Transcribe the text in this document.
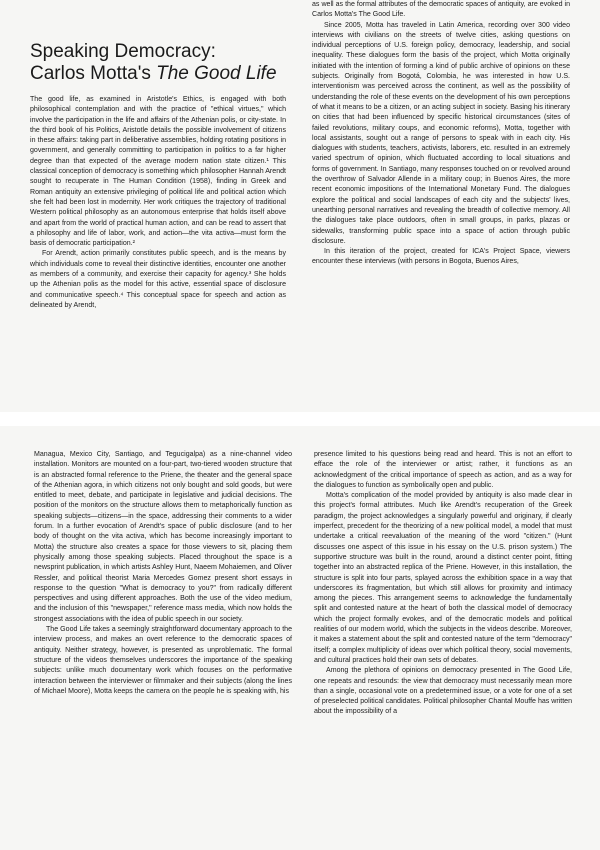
Speaking Democracy:
Carlos Motta's The Good Life

The good life, as examined in Aristotle's Ethics, is engaged with both philosophical contemplation and with the practice of "ethical virtues," which involve the participation in the life and affairs of the Athenian polis, or city-state. In the third book of his Politics, Aristotle details the possible involvement of citizens in these affairs: taking part in deliberative assemblies, holding rotating positions in government, and generally committing to participation in politics to a far higher degree than that expected of the average modern nation state citizen.¹ This classical conception of democracy is something which philosopher Hannah Arendt sought to recuperate in The Human Condition (1958), finding in Greek and Roman antiquity an extensive privileging of political life and political action which she felt had been lost in modernity. Her work critiques the trajectory of traditional Western political philosophy as an autonomous enterprise that holds itself above and apart from the world of practical human action, and can be read to assert that a philosophy and life of labor, work, and action—the vita activa—must form the basis of democratic participation.²

For Arendt, action primarily constitutes public speech, and is the means by which individuals come to reveal their distinctive identities, encounter one another as members of a community, and exercise their capacity for agency.³ She holds up the Athenian polis as the model for this active, essential space of disclosure and communicative speech.⁴ This conceptual space for speech and action as delineated by Arendt,

as well as the formal attributes of the democratic spaces of antiquity, are evoked in Carlos Motta's The Good Life.

Since 2005, Motta has traveled in Latin America, recording over 300 video interviews with civilians on the streets of twelve cities, asking questions on individual perceptions of U.S. foreign policy, democracy, leadership, and social inequality. These dialogues form the basis of the project, which Motta originally initiated with the intention of forming a kind of public archive of opinions on these subjects. Originally from Bogotá, Colombia, he was interested in how U.S. interventionism was perceived across the continent, as well as the possibility of understanding the role of these events on the development of his own perceptions of what it means to be a citizen, or an acting subject in society. Basing his itinerary on cities that had been influenced by specific historical circumstances (sites of failed revolutions, military coups, and economic reforms), Motta, together with local assistants, sought out a range of persons to speak with in each city. His dialogues with students, teachers, activists, laborers, etc. resulted in an extremely varied spectrum of opinion, which fluctuated according to local situations and forms of government. In Santiago, many responses touched on or revolved around the overthrow of Salvador Allende in a military coup; in Buenos Aires, the more recent economic impositions of the International Monetary Fund. The dialogues explore the political and social landscapes of each city and the subjects' lives, unearthing personal narratives and revealing the breadth of collective memory. All the dialogues take place outdoors, often in small groups, in parks, plazas or sidewalks, transforming public space into a space of action through public disclosure.

In this iteration of the project, created for ICA's Project Space, viewers encounter these interviews (with persons in Bogota, Buenos Aires,

Managua, Mexico City, Santiago, and Tegucigalpa) as a nine-channel video installation. Monitors are mounted on a four-part, two-tiered wooden structure that is an abstracted formal reference to the Priene, the theater and the general space of the Athenian agora, in which citizens not only bought and sold goods, but were entitled to meet, debate, and participate in legislative and judicial decisions. The position of the monitors on the structure allows them to metaphorically function as speaking subjects—citizens—in the space, addressing their comments to a wider forum. In a further evocation of Arendt's space of public disclosure (and to her body of thought on the vita activa, which has become increasingly important to Motta) the structure also creates a space for those viewers to sit, placing them physically among those speaking subjects. Placed throughout the space is a newsprint publication, in which artists Ashley Hunt, Naeem Mohaiemen, and Oliver Ressler, and political theorist Maria Mercedes Gomez present short essays in response to the question "What is democracy to you?" from radically different perspectives and using different approaches. Both the use of the video medium, and the inclusion of this "newspaper," reference mass media, which now holds the strongest associations with the idea of public speech in our society.

The Good Life takes a seemingly straightforward documentary approach to the interview process, and makes an overt reference to the democratic spaces of antiquity. Neither strategy, however, is presented as unproblematic. The formal structure of the videos themselves underscores the importance of the speaking subjects: unlike much documentary work which focuses on the performative interaction between the interviewer or filmmaker and their subjects (along the lines of Michael Moore), Motta keeps the camera on the people he is speaking with, his

presence limited to his questions being read and heard. This is not an effort to efface the role of the interviewer or artist; rather, it functions as an acknowledgment of the critical importance of speech as action, and as a way for the dialogues to function as symbolically open and public.

Motta's complication of the model provided by antiquity is also made clear in this project's formal attributes. Much like Arendt's recuperation of the Greek paradigm, the project acknowledges a singularly powerful and originary, if clearly imperfect, precedent for the theorizing of a new political model, a model that must undertake a critical reevaluation of the meaning of the word "citizen." (Hunt discusses one aspect of this issue in his essay on the U.S. prison system.) The supportive structure was built in the round, around a distinct center point, fitting together into an abstracted replica of the Priene. However, in this installation, the structure is split into four parts, splayed across the exhibition space in a way that underscores its fragmentation, but which still allows for proximity and intimacy among the pieces. This arrangement seems to acknowledge the fundamentally split and contested nature at the heart of both the classical model of democracy which the project formally evokes, and of the democratic models and political realities of our modern world, which the subjects in the videos describe. Moreover, it makes a statement about the split and contested nature of the term "democracy" itself; a complex multiplicity of ideas over which political theory, social movements, and cultural practices hold their own sets of debates.

Among the plethora of opinions on democracy presented in The Good Life, one repeats and resounds: the view that democracy must necessarily mean more than a single, occasional vote on a predetermined issue, or a vote for one of a set of preselected political candidates. Political philosopher Chantal Mouffe has written about the impossibility of a
